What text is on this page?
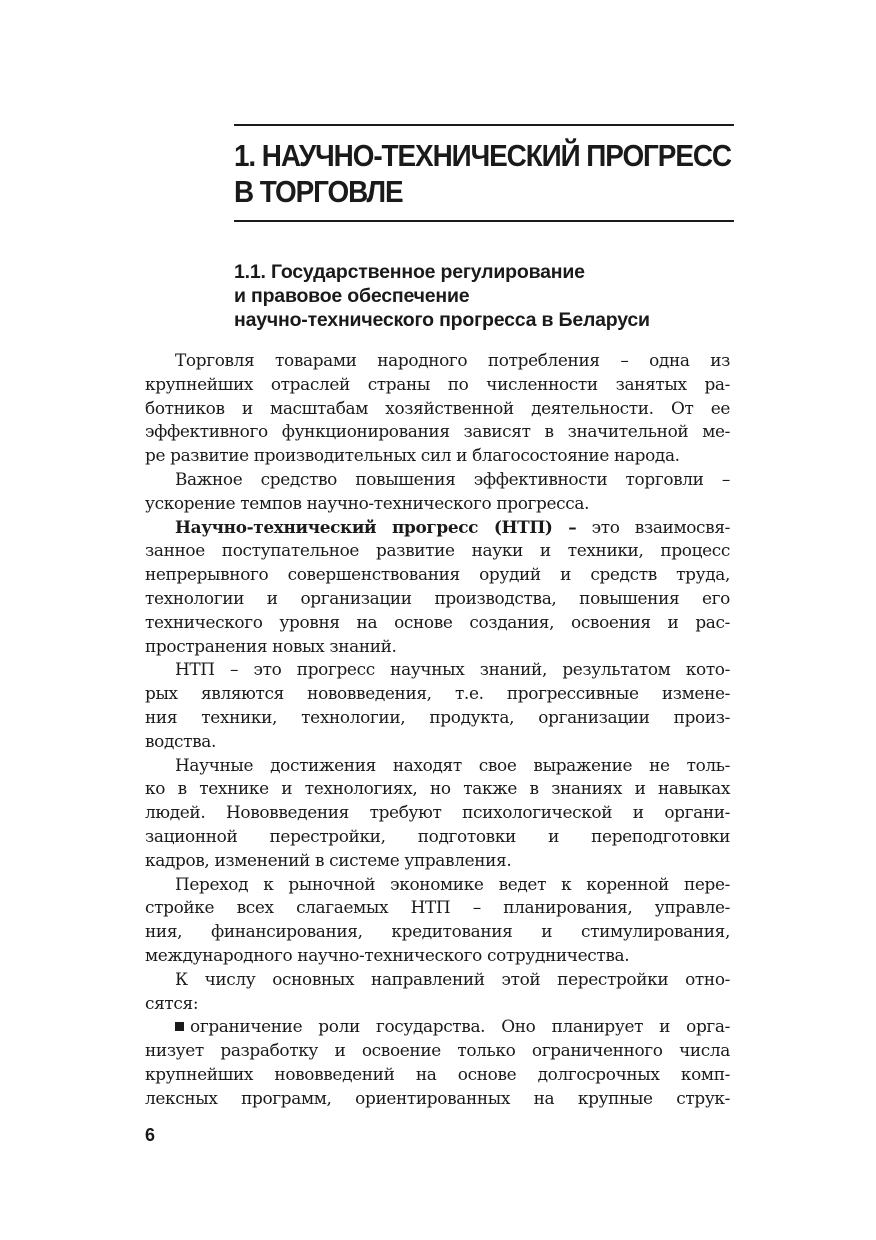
1. НАУЧНО-ТЕХНИЧЕСКИЙ ПРОГРЕСС
В ТОРГОВЛЕ
1.1. Государственное регулирование
и правовое обеспечение
научно-технического прогресса в Беларуси
Торговля товарами народного потребления – одна из
крупнейших отраслей страны по численности занятых ра-
ботников и масштабам хозяйственной деятельности. От ее
эффективного функционирования зависят в значительной ме-
ре развитие производительных сил и благосостояние народа.
Важное средство повышения эффективности торговли –
ускорение темпов научно-технического прогресса.
Научно-технический прогресс (НТП) – это взаимосвя-
занное поступательное развитие науки и техники, процесс
непрерывного совершенствования орудий и средств труда,
технологии и организации производства, повышения его
технического уровня на основе создания, освоения и рас-
пространения новых знаний.
НТП – это прогресс научных знаний, результатом кото-
рых являются нововведения, т.е. прогрессивные измене-
ния техники, технологии, продукта, организации произ-
водства.
Научные достижения находят свое выражение не толь-
ко в технике и технологиях, но также в знаниях и навыках
людей. Нововведения требуют психологической и органи-
зационной перестройки, подготовки и переподготовки
кадров, изменений в системе управления.
Переход к рыночной экономике ведет к коренной пере-
стройке всех слагаемых НТП – планирования, управле-
ния, финансирования, кредитования и стимулирования,
международного научно-технического сотрудничества.
К числу основных направлений этой перестройки отно-
сятся:
ограничение роли государства. Оно планирует и орга-
низует разработку и освоение только ограниченного числа
крупнейших нововведений на основе долгосрочных комп-
лексных программ, ориентированных на крупные струк-

6
